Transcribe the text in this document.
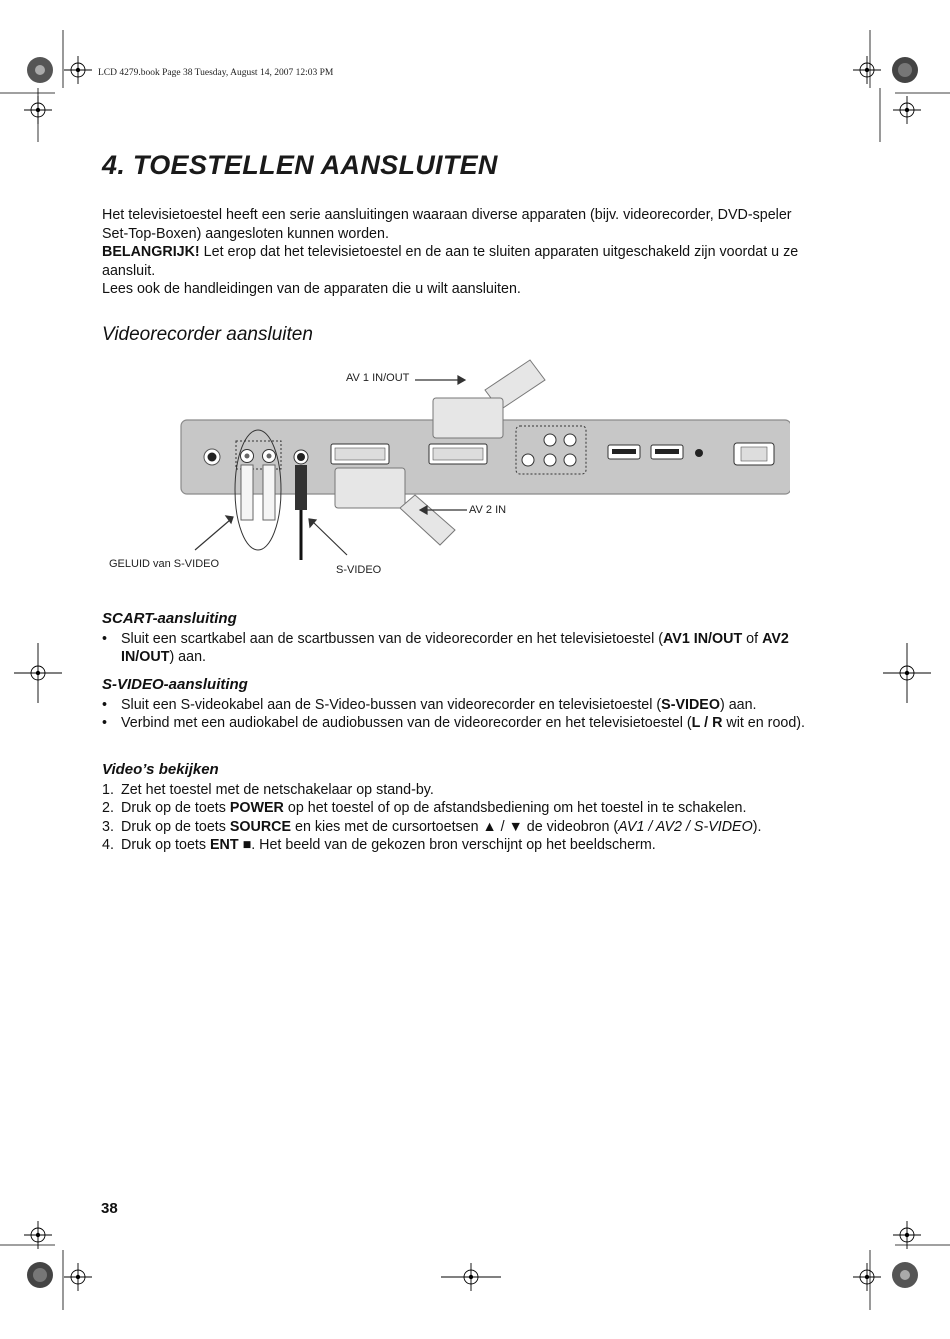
LCD 4279.book Page 38 Tuesday, August 14, 2007 12:03 PM
4. TOESTELLEN AANSLUITEN

Het televisietoestel heeft een serie aansluitingen waaraan diverse apparaten (bijv. videorecorder, DVD-speler Set-Top-Boxen) aangesloten kunnen worden.

BELANGRIJK! Let erop dat het televisietoestel en de aan te sluiten apparaten uitgeschakeld zijn voordat u ze aansluit.

Lees ook de handleidingen van de apparaten die u wilt aansluiten.

Videorecorder aansluiten
AV 1 IN/OUT
AV 2 IN
GELUID van S-VIDEO	S-VIDEO
SCART-aansluiting
• Sluit een scartkabel aan de scartbussen van de videorecorder en het televisietoestel (AV1 IN/OUT of AV2 IN/OUT) aan.
S-VIDEO-aansluiting
• Sluit een S-videokabel aan de S-Video-bussen van videorecorder en televisietoestel (S-VIDEO) aan.
• Verbind met een audiokabel de audiobussen van de videorecorder en het televisietoestel (L / R wit en rood).
Video’s bekijken
1. Zet het toestel met de netschakelaar op stand-by.
2. Druk op de toets POWER op het toestel of op de afstandsbediening om het toestel in te schakelen.
3. Druk op de toets SOURCE en kies met de cursortoetsen ▲ / ▼ de videobron (AV1 / AV2 / S-VIDEO).
4. Druk op toets ENT ■. Het beeld van de gekozen bron verschijnt op het beeldscherm.
38
